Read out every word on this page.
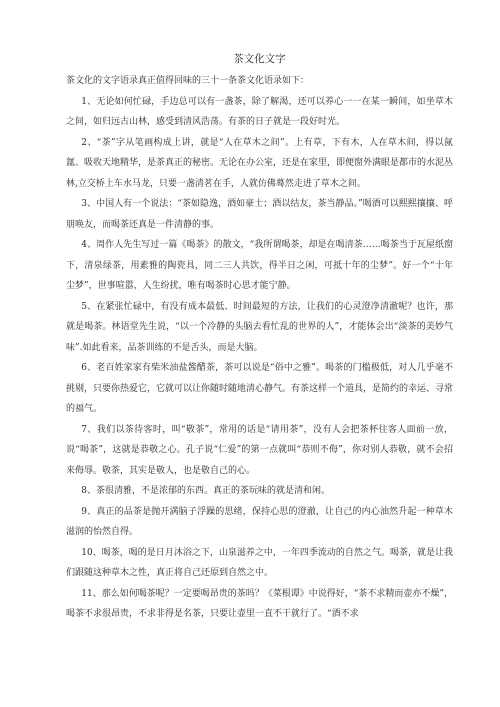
茶文化文字

茶文化的文字语录真正值得回味的三十一条茶文化语录如下：

1、无论如何忙碌，手边总可以有一盏茶，除了解渴，还可以养心一一在某一瞬间，如坐草木之间，如归远古山林，感受到清风浩荡。有茶的日子就是一段好时光。

2、“茶”字从笔画构成上讲，就是“人在草木之间”。上有草，下有木，人在草木间，得以氤氲、吸收天地精华，是茶真正的秘密。无论在办公室，还是在家里，即便窗外满眼是都市的水泥丛林,立交桥上车水马龙，只要一盏清茗在手，人就仿佛蓦然走进了草木之间。

3、中国人有一个说法：“茶如隐逸，酒如豪士；酒以结友，茶当静品。”喝酒可以熙熙攘攘、呼朋唤友，而喝茶还真是一件清静的事。

4、周作人先生写过一篇《喝茶》的散文，“我所谓喝茶，却是在喝清茶……喝茶当于瓦屋纸窗下，清泉绿茶，用素雅的陶瓷具，同二三人共饮，得半日之闲，可抵十年的尘梦”。好一个“十年尘梦”，世事喧嚣，人生纷扰，唯有喝茶时心思才能宁静。

5、在紧张忙碌中，有没有成本最低、时间最短的方法，让我们的心灵澄净清澈呢？也许，那就是喝茶。林语堂先生说，“以一个冷静的头脑去看忙乱的世界的人”，才能体会出“淡茶的美妙气味”.如此看来，品茶训练的不是舌头，而是大脑。

6、老百姓家家有柴米油盐酱醋茶，茶可以说是“俗中之雅”。喝茶的门槛极低，对人几乎毫不挑剔，只要你热爱它，它就可以让你随时随地清心静气。有茶这样一个道具，是简约的幸运、寻常的福气。

7、我们以茶待客时，叫“敬茶”，常用的话是“请用茶”，没有人会把茶杯往客人面前一放，说“喝茶”，这就是恭敬之心。孔子说“仁爱”的第一点就叫“恭则不侮”，你对别人恭敬，就不会招来侮辱。敬茶，其实是敬人，也是敬自己的心。

8、茶很清雅，不是浓郁的东西。真正的茶玩味的就是清和闲。

9、真正的品茶是抛开满脑子浮躁的思绪，保持心思的澄澈，让自己的内心油然升起一种草木滋润的怡然自得。

10、喝茶，喝的是日月沐浴之下，山泉滋养之中，一年四季流动的自然之气。喝茶，就是让我们跟随这种草木之性，真正将自己还原到自然之中。

11、那么如何喝茶呢？一定要喝昂贵的茶吗？《菜根谭》中说得好，“茶不求精而壶亦不燥”，喝茶不求很昂贵，不求非得是名茶，只要让壶里一直不干就行了。“酒不求
